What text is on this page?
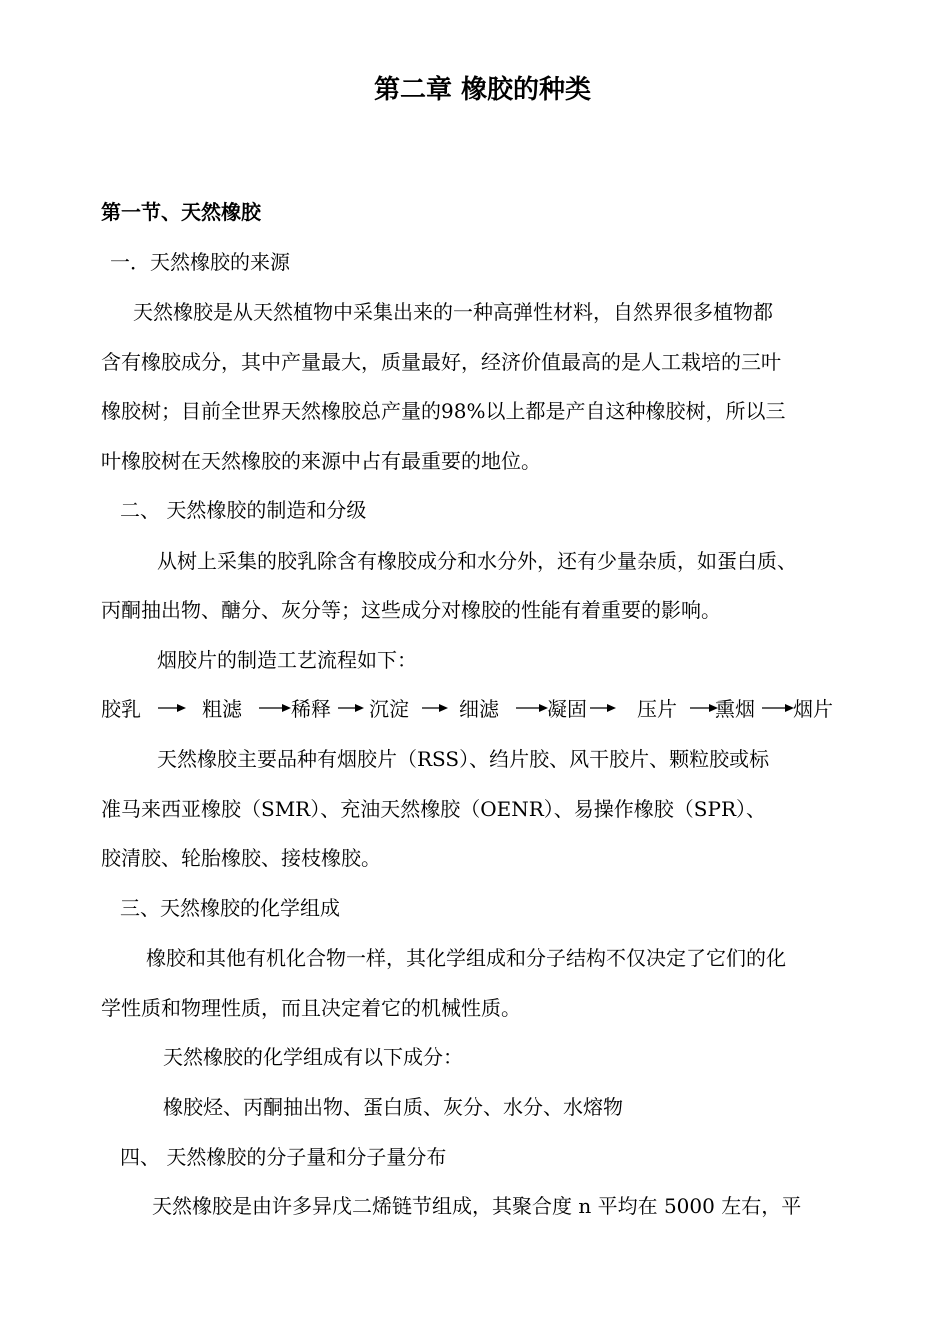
第二章 橡胶的种类
第一节、天然橡胶
一．天然橡胶的来源
天然橡胶是从天然植物中采集出来的一种高弹性材料，自然界很多植物都
含有橡胶成分，其中产量最大，质量最好，经济价值最高的是人工栽培的三叶
橡胶树；目前全世界天然橡胶总产量的98%以上都是产自这种橡胶树，所以三
叶橡胶树在天然橡胶的来源中占有最重要的地位。
二、 天然橡胶的制造和分级
从树上采集的胶乳除含有橡胶成分和水分外，还有少量杂质，如蛋白质、
丙酮抽出物、醣分、灰分等；这些成分对橡胶的性能有着重要的影响。
烟胶片的制造工艺流程如下：
胶乳	粗滤 稀释 沉淀	细滤 凝固	压片 熏烟 烟片
天然橡胶主要品种有烟胶片（RSS）、绉片胶、风干胶片、颗粒胶或标
准马来西亚橡胶（SMR）、充油天然橡胶（OENR）、易操作橡胶（SPR）、
胶清胶、轮胎橡胶、接枝橡胶。
三、天然橡胶的化学组成
橡胶和其他有机化合物一样，其化学组成和分子结构不仅决定了它们的化
学性质和物理性质，而且决定着它的机械性质。
天然橡胶的化学组成有以下成分：
橡胶烃、丙酮抽出物、蛋白质、灰分、水分、水熔物
四、 天然橡胶的分子量和分子量分布
天然橡胶是由许多异戊二烯链节组成，其聚合度 n 平均在 5000 左右，平
